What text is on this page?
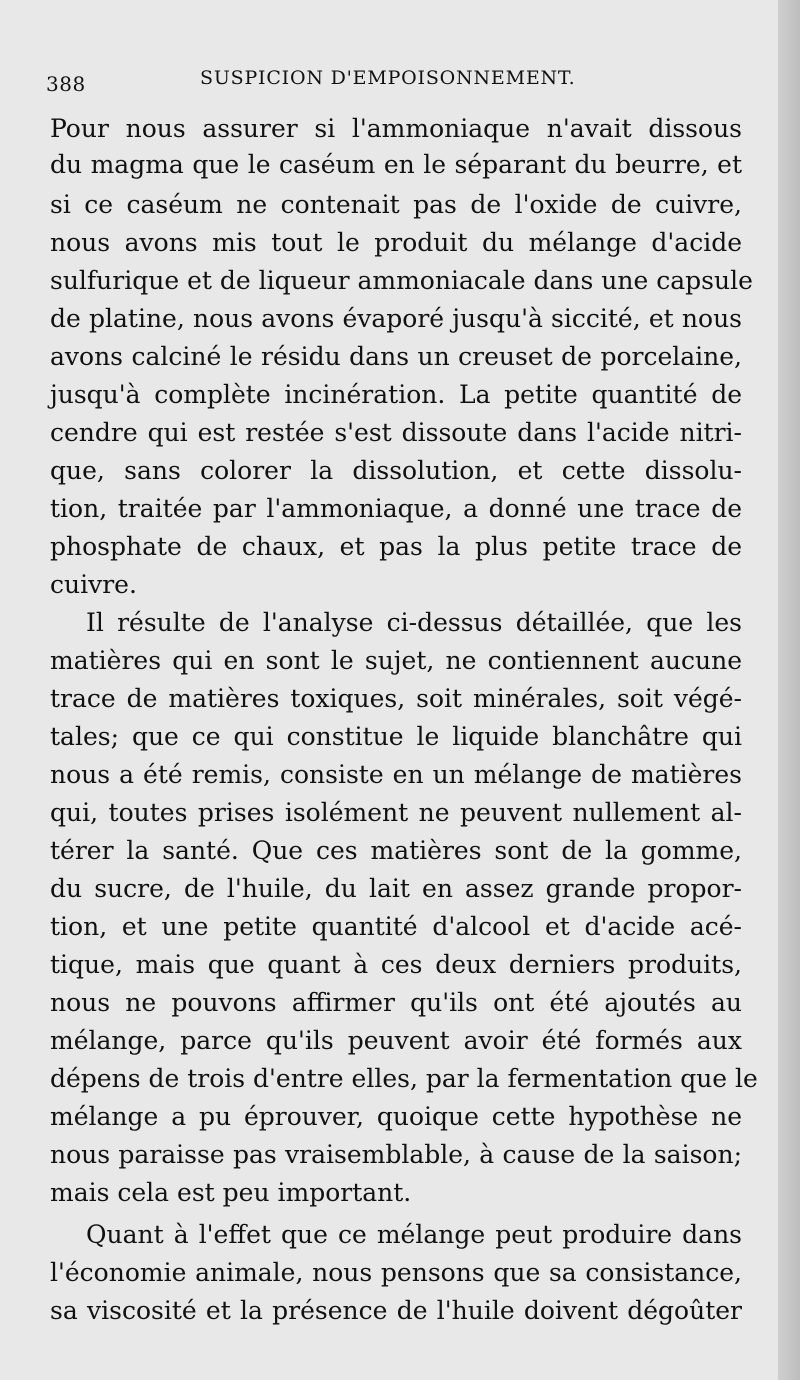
388	SUSPICION D'EMPOISONNEMENT.
Pour nous assurer si l'ammoniaque n'avait dissous
du magma que le caséum en le séparant du beurre, et
si ce caséum ne contenait pas de l'oxide de cuivre,
nous avons mis tout le produit du mélange d'acide
sulfurique et de liqueur ammoniacale dans une capsule
de platine, nous avons évaporé jusqu'à siccité, et nous
avons calciné le résidu dans un creuset de porcelaine,
jusqu'à complète incinération. La petite quantité de
cendre qui est restée s'est dissoute dans l'acide nitri-
que, sans colorer la dissolution, et cette dissolu-
tion, traitée par l'ammoniaque, a donné une trace de
phosphate de chaux, et pas la plus petite trace de
cuivre.
Il résulte de l'analyse ci-dessus détaillée, que les
matières qui en sont le sujet, ne contiennent aucune
trace de matières toxiques, soit minérales, soit végé-
tales; que ce qui constitue le liquide blanchâtre qui
nous a été remis, consiste en un mélange de matières
qui, toutes prises isolément ne peuvent nullement al-
térer la santé. Que ces matières sont de la gomme,
du sucre, de l'huile, du lait en assez grande propor-
tion, et une petite quantité d'alcool et d'acide acé-
tique, mais que quant à ces deux derniers produits,
nous ne pouvons affirmer qu'ils ont été ajoutés au
mélange, parce qu'ils peuvent avoir été formés aux
dépens de trois d'entre elles, par la fermentation que le
mélange a pu éprouver, quoique cette hypothèse ne
nous paraisse pas vraisemblable, à cause de la saison;
mais cela est peu important.
Quant à l'effet que ce mélange peut produire dans
l'économie animale, nous pensons que sa consistance,
sa viscosité et la présence de l'huile doivent dégoûter
